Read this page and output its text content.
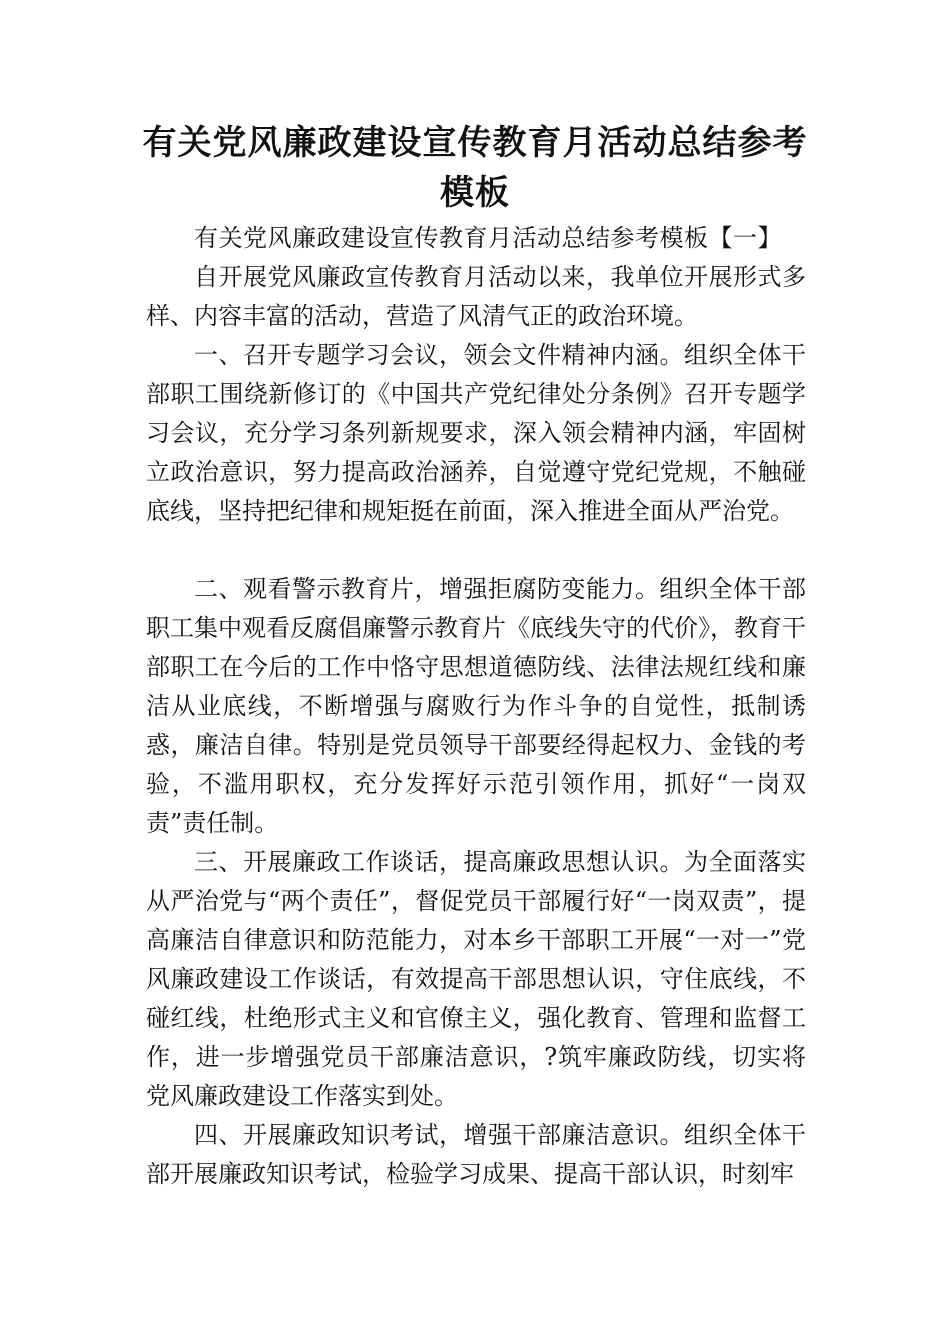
有关党风廉政建设宣传教育月活动总结参考模板

有关党风廉政建设宣传教育月活动总结参考模板【一】

自开展党风廉政宣传教育月活动以来，我单位开展形式多样、内容丰富的活动，营造了风清气正的政治环境。

一、召开专题学习会议，领会文件精神内涵。组织全体干部职工围绕新修订的《中国共产党纪律处分条例》召开专题学习会议，充分学习条列新规要求，深入领会精神内涵，牢固树立政治意识，努力提高政治涵养，自觉遵守党纪党规，不触碰底线，坚持把纪律和规矩挺在前面，深入推进全面从严治党。

二、观看警示教育片，增强拒腐防变能力。组织全体干部职工集中观看反腐倡廉警示教育片《底线失守的代价》，教育干部职工在今后的工作中恪守思想道德防线、法律法规红线和廉洁从业底线，不断增强与腐败行为作斗争的自觉性，抵制诱惑，廉洁自律。特别是党员领导干部要经得起权力、金钱的考验，不滥用职权，充分发挥好示范引领作用，抓好“一岗双责”责任制。

三、开展廉政工作谈话，提高廉政思想认识。为全面落实从严治党与“两个责任”，督促党员干部履行好“一岗双责”，提高廉洁自律意识和防范能力，对本乡干部职工开展“一对一”党风廉政建设工作谈话，有效提高干部思想认识，守住底线，不碰红线，杜绝形式主义和官僚主义，强化教育、管理和监督工作，进一步增强党员干部廉洁意识，?筑牢廉政防线，切实将党风廉政建设工作落实到处。

四、开展廉政知识考试，增强干部廉洁意识。组织全体干部开展廉政知识考试，检验学习成果、提高干部认识，时刻牢
